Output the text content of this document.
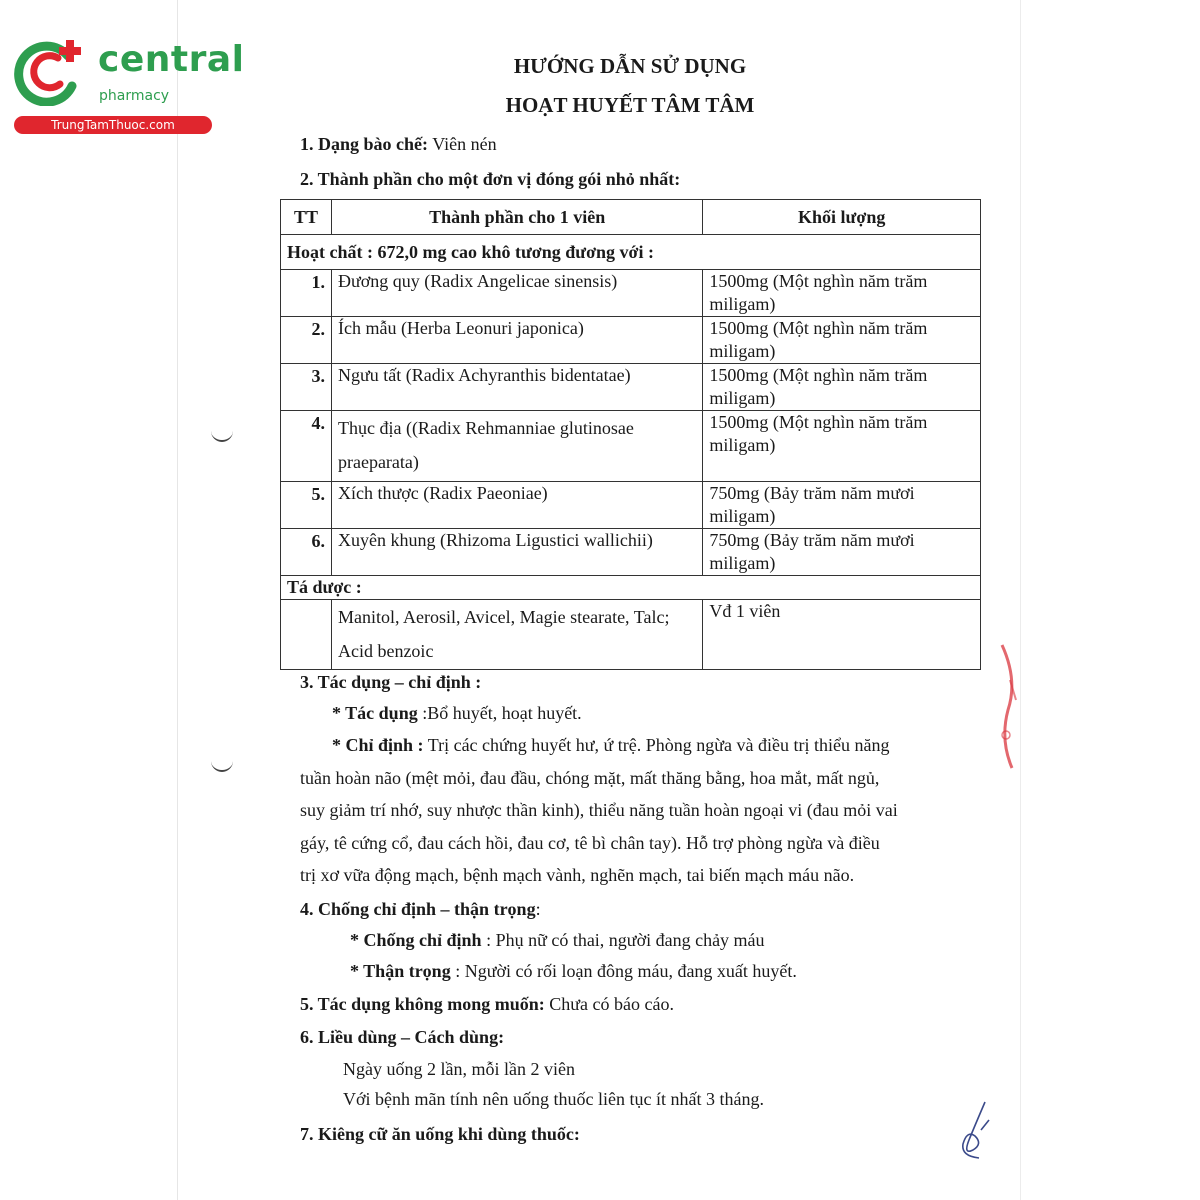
central
pharmacy
TrungTamThuoc.com
HƯỚNG DẪN SỬ DỤNG
HOẠT HUYẾT TÂM TÂM
1. Dạng bào chế: Viên nén
2. Thành phần cho một đơn vị đóng gói nhỏ nhất:
TT	Thành phần cho 1 viên	Khối lượng
Hoạt chất : 672,0 mg cao khô tương đương với :		
1.	Đương quy (Radix Angelicae sinensis)	1500mg (Một nghìn năm trăm miligam)
2.	Ích mẫu (Herba Leonuri japonica)	1500mg (Một nghìn năm trăm miligam)
3.	Ngưu tất (Radix Achyranthis bidentatae)	1500mg (Một nghìn năm trăm miligam)
4.	Thục địa ((Radix Rehmanniae glutinosae praeparata)	1500mg (Một nghìn năm trăm miligam)
5.	Xích thược (Radix Paeoniae)	750mg (Bảy trăm năm mươi miligam)
6.	Xuyên khung (Rhizoma Ligustici wallichii)	750mg (Bảy trăm năm mươi miligam)
Tá dược :		
	Manitol, Aerosil, Avicel, Magie stearate, Talc; Acid benzoic	Vđ 1 viên
3. Tác dụng – chỉ định :
* Tác dụng :Bổ huyết, hoạt huyết.
* Chỉ định : Trị các chứng huyết hư, ứ trệ. Phòng ngừa và điều trị thiểu năng
tuần hoàn não (mệt mỏi, đau đầu, chóng mặt, mất thăng bằng, hoa mắt, mất ngủ,
suy giảm trí nhớ, suy nhược thần kinh), thiểu năng tuần hoàn ngoại vi (đau mỏi vai
gáy, tê cứng cổ, đau cách hồi, đau cơ, tê bì chân tay). Hỗ trợ phòng ngừa và điều
trị xơ vữa động mạch, bệnh mạch vành, nghẽn mạch, tai biến mạch máu não.
4. Chống chỉ định – thận trọng:
* Chống chỉ định : Phụ nữ có thai, người đang chảy máu
* Thận trọng : Người có rối loạn đông máu, đang xuất huyết.
5. Tác dụng không mong muốn: Chưa có báo cáo.
6. Liều dùng – Cách dùng:
Ngày uống 2 lần, mỗi lần 2 viên
Với bệnh mãn tính nên uống thuốc liên tục ít nhất 3 tháng.
7. Kiêng cữ ăn uống khi dùng thuốc:
